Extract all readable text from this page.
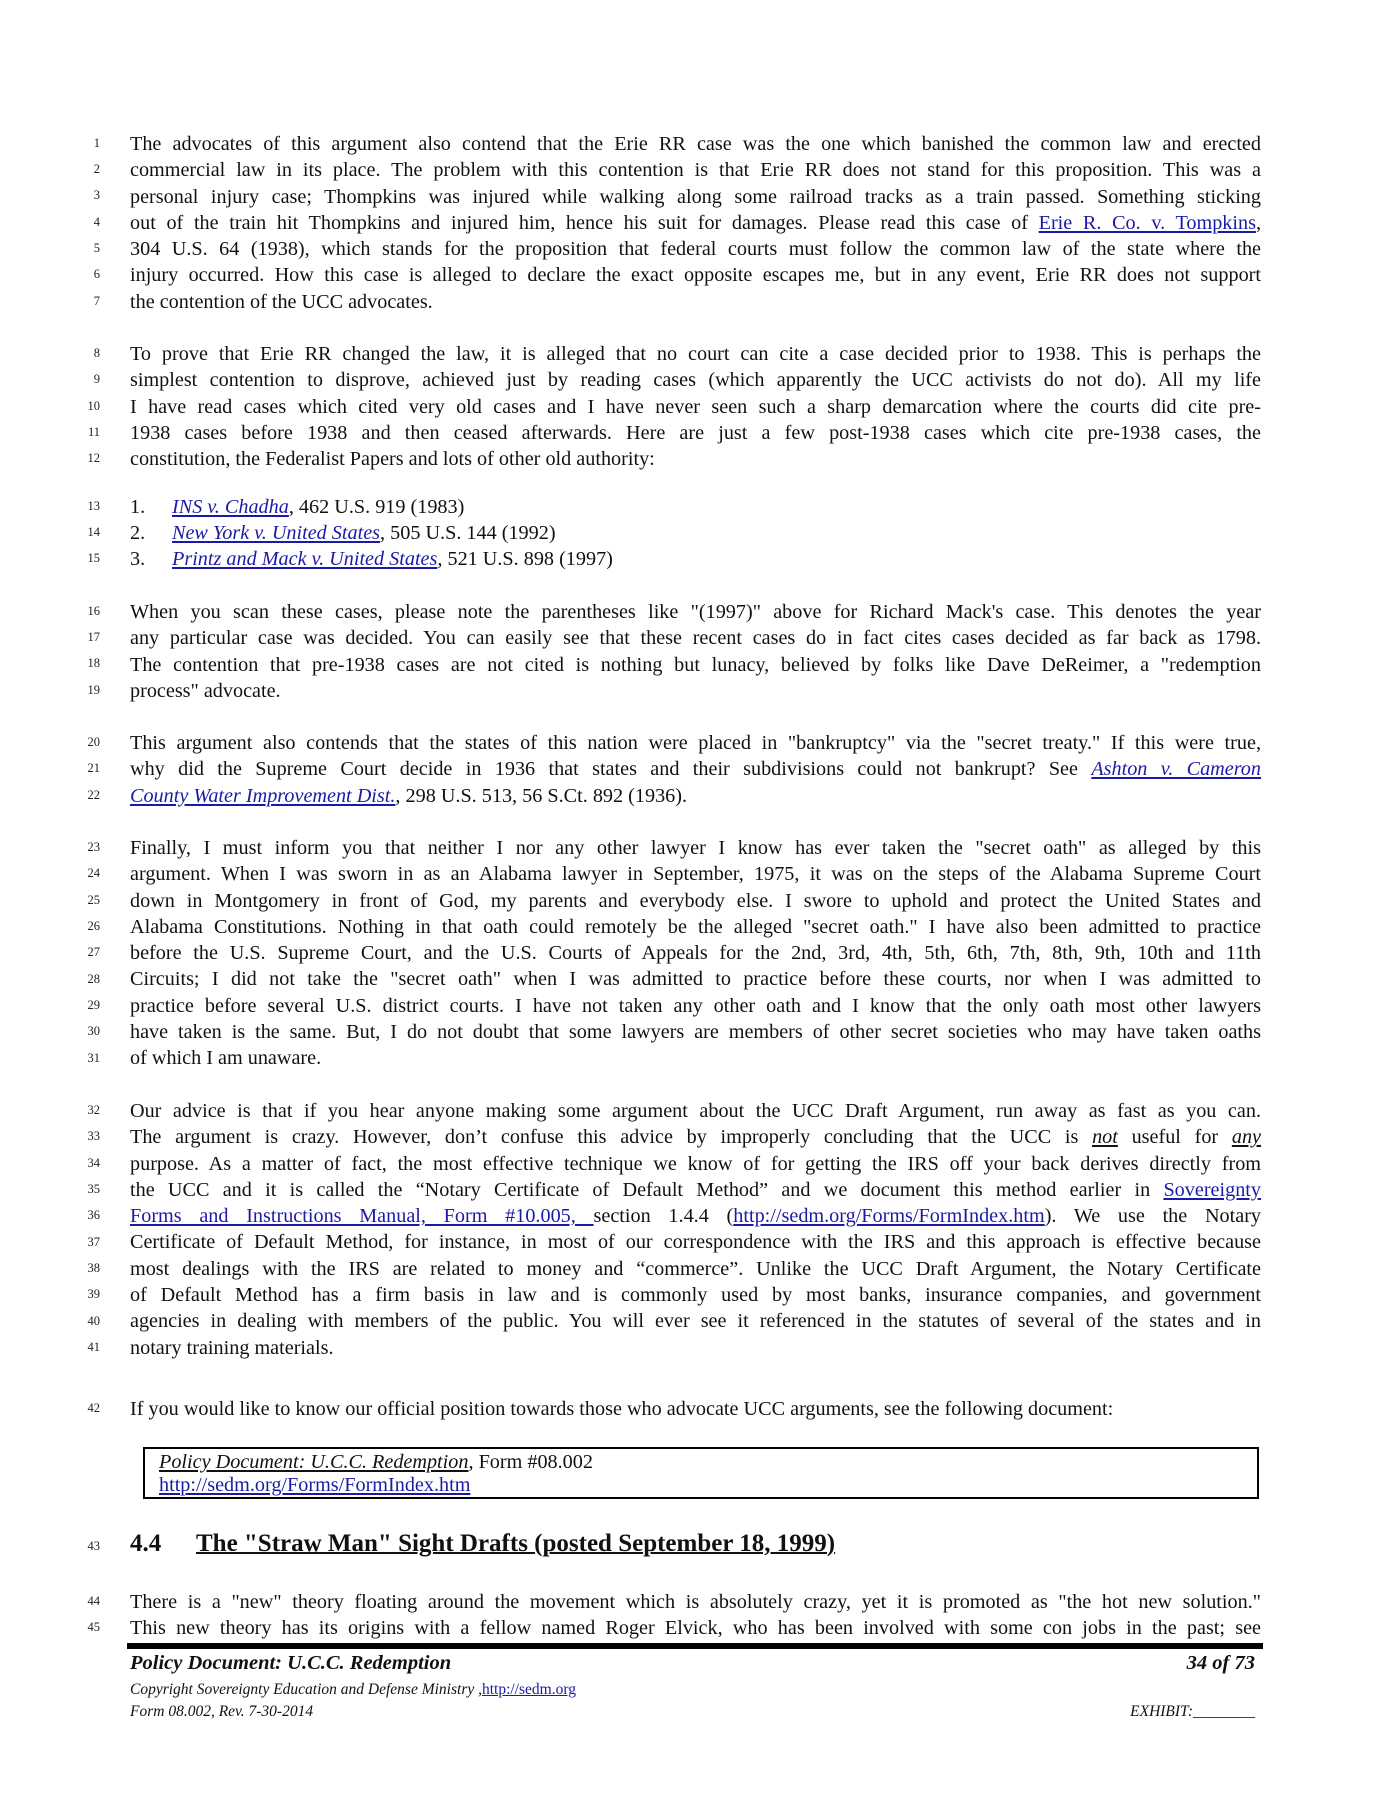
1
2
3
4
5
6
7
The advocates of this argument also contend that the Erie RR case was the one which banished the common law and erected
commercial law in its place. The problem with this contention is that Erie RR does not stand for this proposition. This was a
personal injury case; Thompkins was injured while walking along some railroad tracks as a train passed. Something sticking
out of the train hit Thompkins and injured him, hence his suit for damages. Please read this case of Erie R. Co. v. Tompkins,
304 U.S. 64 (1938), which stands for the proposition that federal courts must follow the common law of the state where the
injury occurred. How this case is alleged to declare the exact opposite escapes me, but in any event, Erie RR does not support
the contention of the UCC advocates.
8
9
10
11
12
To prove that Erie RR changed the law, it is alleged that no court can cite a case decided prior to 1938. This is perhaps the
simplest contention to disprove, achieved just by reading cases (which apparently the UCC activists do not do). All my life
I have read cases which cited very old cases and I have never seen such a sharp demarcation where the courts did cite pre-
1938 cases before 1938 and then ceased afterwards. Here are just a few post-1938 cases which cite pre-1938 cases, the
constitution, the Federalist Papers and lots of other old authority:
13
14
15
1. INS v. Chadha, 462 U.S. 919 (1983)
2. New York v. United States, 505 U.S. 144 (1992)
3. Printz and Mack v. United States, 521 U.S. 898 (1997)
16
17
18
19
When you scan these cases, please note the parentheses like "(1997)" above for Richard Mack's case. This denotes the year
any particular case was decided. You can easily see that these recent cases do in fact cites cases decided as far back as 1798.
The contention that pre-1938 cases are not cited is nothing but lunacy, believed by folks like Dave DeReimer, a "redemption
process" advocate.
20
21
22
This argument also contends that the states of this nation were placed in "bankruptcy" via the "secret treaty." If this were true,
why did the Supreme Court decide in 1936 that states and their subdivisions could not bankrupt? See Ashton v. Cameron
County Water Improvement Dist., 298 U.S. 513, 56 S.Ct. 892 (1936).
23
24
25
26
27
28
29
30
31
Finally, I must inform you that neither I nor any other lawyer I know has ever taken the "secret oath" as alleged by this
argument. When I was sworn in as an Alabama lawyer in September, 1975, it was on the steps of the Alabama Supreme Court
down in Montgomery in front of God, my parents and everybody else. I swore to uphold and protect the United States and
Alabama Constitutions. Nothing in that oath could remotely be the alleged "secret oath." I have also been admitted to practice
before the U.S. Supreme Court, and the U.S. Courts of Appeals for the 2nd, 3rd, 4th, 5th, 6th, 7th, 8th, 9th, 10th and 11th
Circuits; I did not take the "secret oath" when I was admitted to practice before these courts, nor when I was admitted to
practice before several U.S. district courts. I have not taken any other oath and I know that the only oath most other lawyers
have taken is the same. But, I do not doubt that some lawyers are members of other secret societies who may have taken oaths
of which I am unaware.
32
33
34
35
36
37
38
39
40
41
Our advice is that if you hear anyone making some argument about the UCC Draft Argument, run away as fast as you can.
The argument is crazy. However, don’t confuse this advice by improperly concluding that the UCC is not useful for any
purpose. As a matter of fact, the most effective technique we know of for getting the IRS off your back derives directly from
the UCC and it is called the “Notary Certificate of Default Method” and we document this method earlier in Sovereignty
Forms and Instructions Manual, Form #10.005, section 1.4.4 (http://sedm.org/Forms/FormIndex.htm). We use the Notary
Certificate of Default Method, for instance, in most of our correspondence with the IRS and this approach is effective because
most dealings with the IRS are related to money and “commerce”. Unlike the UCC Draft Argument, the Notary Certificate
of Default Method has a firm basis in law and is commonly used by most banks, insurance companies, and government
agencies in dealing with members of the public. You will ever see it referenced in the statutes of several of the states and in
notary training materials.
42 If you would like to know our official position towards those who advocate UCC arguments, see the following document:
Policy Document: U.C.C. Redemption, Form #08.002
http://sedm.org/Forms/FormIndex.htm
43 4.4 The "Straw Man" Sight Drafts (posted September 18, 1999)
44
45
There is a "new" theory floating around the movement which is absolutely crazy, yet it is promoted as "the hot new solution."
This new theory has its origins with a fellow named Roger Elvick, who has been involved with some con jobs in the past; see
Policy Document: U.C.C. Redemption	34 of 73
Copyright Sovereignty Education and Defense Ministry ,http://sedm.org
Form 08.002, Rev. 7-30-2014	EXHIBIT:________
